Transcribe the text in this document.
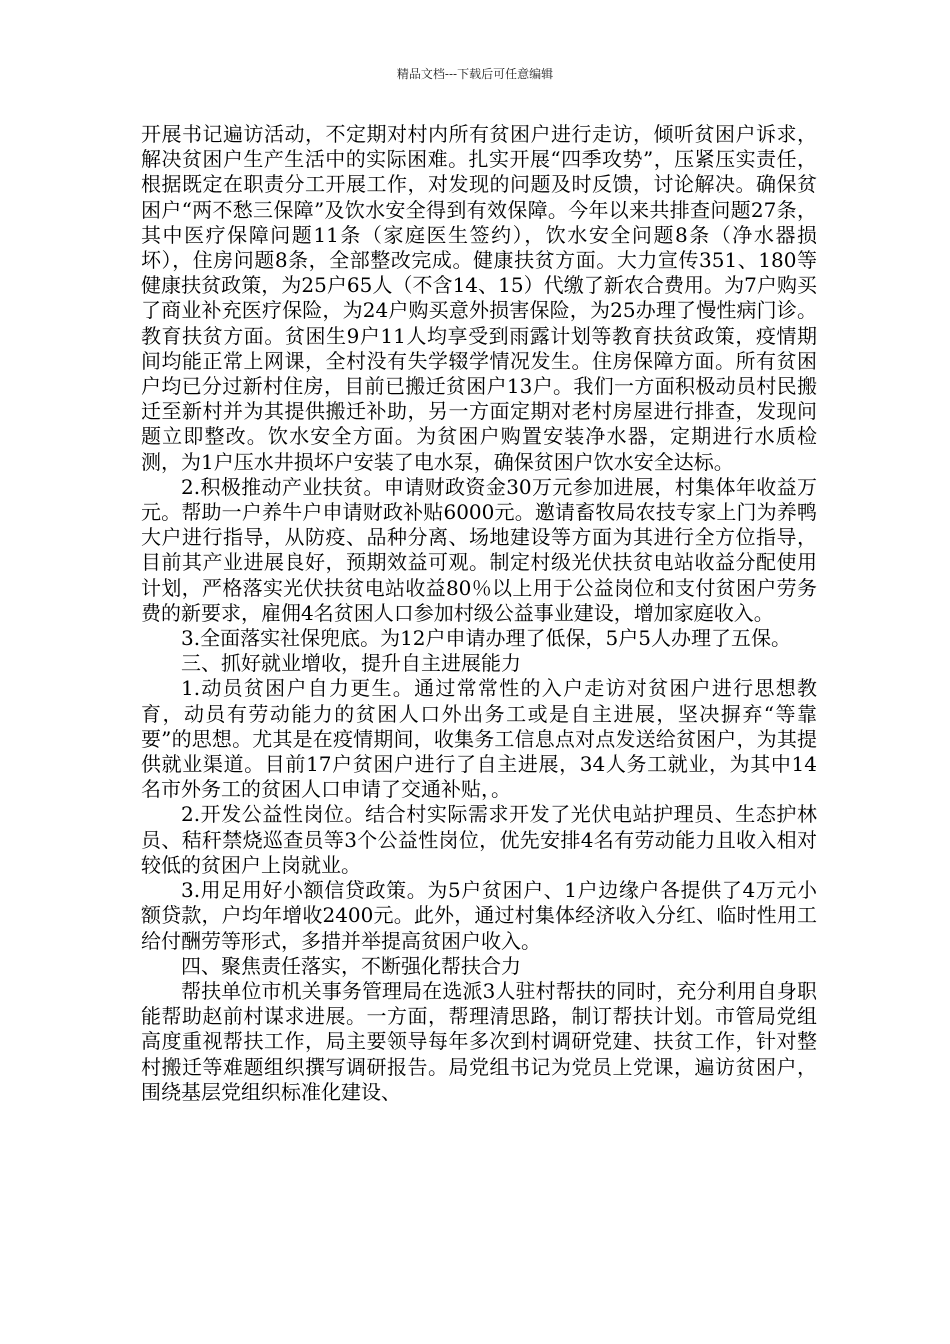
精品文档---下载后可任意编辑

开展书记遍访活动，不定期对村内所有贫困户进行走访，倾听贫困户诉求，解决贫困户生产生活中的实际困难。扎实开展“四季攻势”，压紧压实责任，根据既定在职责分工开展工作，对发现的问题及时反馈，讨论解决。确保贫困户“两不愁三保障”及饮水安全得到有效保障。今年以来共排查问题27条，其中医疗保障问题11条（家庭医生签约），饮水安全问题8条（净水器损坏），住房问题8条，全部整改完成。健康扶贫方面。大力宣传351、180等健康扶贫政策，为25户65人（不含14、15）代缴了新农合费用。为7户购买了商业补充医疗保险，为24户购买意外损害保险，为25办理了慢性病门诊。教育扶贫方面。贫困生9户11人均享受到雨露计划等教育扶贫政策，疫情期间均能正常上网课，全村没有失学辍学情况发生。住房保障方面。所有贫困户均已分过新村住房，目前已搬迁贫困户13户。我们一方面积极动员村民搬迁至新村并为其提供搬迁补助，另一方面定期对老村房屋进行排查，发现问题立即整改。饮水安全方面。为贫困户购置安装净水器，定期进行水质检测，为1户压水井损坏户安装了电水泵，确保贫困户饮水安全达标。

2.积极推动产业扶贫。申请财政资金30万元参加进展，村集体年收益万元。帮助一户养牛户申请财政补贴6000元。邀请畜牧局农技专家上门为养鸭大户进行指导，从防疫、品种分离、场地建设等方面为其进行全方位指导，目前其产业进展良好，预期效益可观。制定村级光伏扶贫电站收益分配使用计划，严格落实光伏扶贫电站收益80％以上用于公益岗位和支付贫困户劳务费的新要求，雇佣4名贫困人口参加村级公益事业建设，增加家庭收入。

3.全面落实社保兜底。为12户申请办理了低保，5户5人办理了五保。

三、抓好就业增收，提升自主进展能力

1.动员贫困户自力更生。通过常常性的入户走访对贫困户进行思想教育，动员有劳动能力的贫困人口外出务工或是自主进展，坚决摒弃“等靠要”的思想。尤其是在疫情期间，收集务工信息点对点发送给贫困户，为其提供就业渠道。目前17户贫困户进行了自主进展，34人务工就业，为其中14名市外务工的贫困人口申请了交通补贴，。

2.开发公益性岗位。结合村实际需求开发了光伏电站护理员、生态护林员、秸秆禁烧巡查员等3个公益性岗位，优先安排4名有劳动能力且收入相对较低的贫困户上岗就业。

3.用足用好小额信贷政策。为5户贫困户、1户边缘户各提供了4万元小额贷款，户均年增收2400元。此外，通过村集体经济收入分红、临时性用工给付酬劳等形式，多措并举提高贫困户收入。

四、聚焦责任落实，不断强化帮扶合力

帮扶单位市机关事务管理局在选派3人驻村帮扶的同时，充分利用自身职能帮助赵前村谋求进展。一方面，帮理清思路，制订帮扶计划。市管局党组高度重视帮扶工作，局主要领导每年多次到村调研党建、扶贫工作，针对整村搬迁等难题组织撰写调研报告。局党组书记为党员上党课，遍访贫困户，围绕基层党组织标准化建设、
